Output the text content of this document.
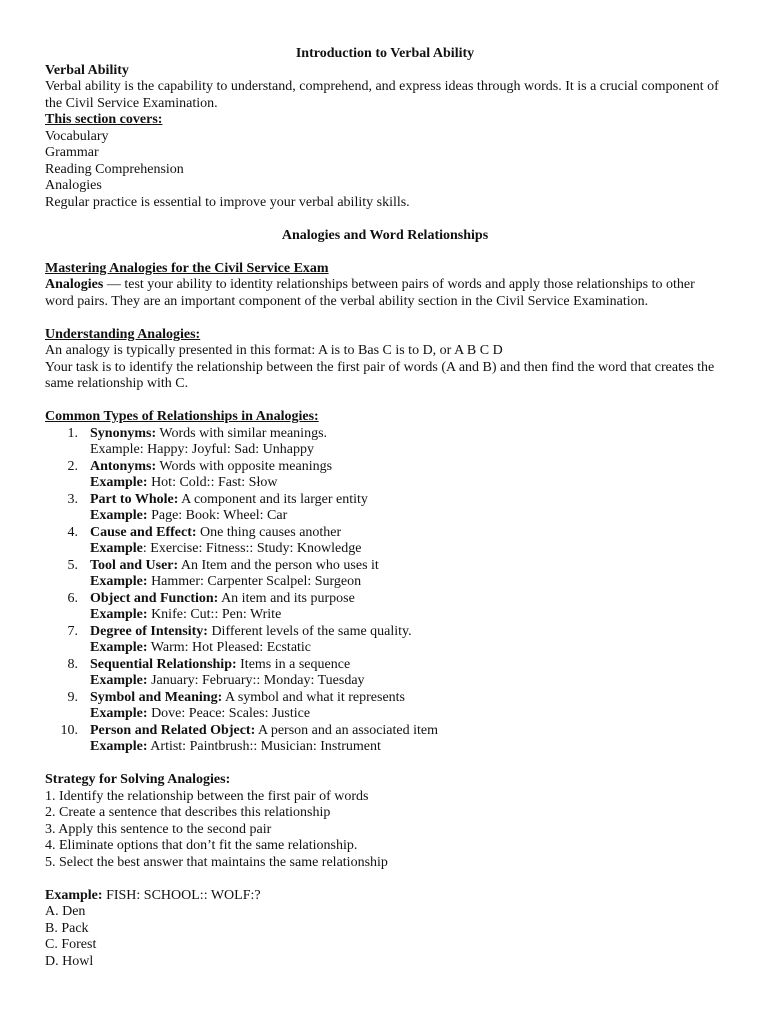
Introduction to Verbal Ability

Verbal Ability

Verbal ability is the capability to understand, comprehend, and express ideas through words. It is a crucial component of the Civil Service Examination.

This section covers:

Vocabulary

Grammar

Reading Comprehension

Analogies

Regular practice is essential to improve your verbal ability skills.

Analogies and Word Relationships

Mastering Analogies for the Civil Service Exam

Analogies — test your ability to identity relationships between pairs of words and apply those relationships to other word pairs. They are an important component of the verbal ability section in the Civil Service Examination.

Understanding Analogies:

An analogy is typically presented in this format: A is to Bas C is to D, or A B C D

Your task is to identify the relationship between the first pair of words (A and B) and then find the word that creates the same relationship with C.

Common Types of Relationships in Analogies:

1. Synonyms: Words with similar meanings.
Example: Happy: Joyful: Sad: Unhappy
2. Antonyms: Words with opposite meanings
Example: Hot: Cold:: Fast: Słow
3. Part to Whole: A component and its larger entity
Example: Page: Book: Wheel: Car
4. Cause and Effect: One thing causes another
Example: Exercise: Fitness:: Study: Knowledge
5. Tool and User: An Item and the person who uses it
Example: Hammer: Carpenter Scalpel: Surgeon
6. Object and Function: An item and its purpose
Example: Knife: Cut:: Pen: Write
7. Degree of Intensity: Different levels of the same quality.
Example: Warm: Hot Pleased: Ecstatic
8. Sequential Relationship: Items in a sequence
Example: January: February:: Monday: Tuesday
9. Symbol and Meaning: A symbol and what it represents
Example: Dove: Peace: Scales: Justice
10. Person and Related Object: A person and an associated item
Example: Artist: Paintbrush:: Musician: Instrument

Strategy for Solving Analogies:

1. Identify the relationship between the first pair of words

2. Create a sentence that describes this relationship

3. Apply this sentence to the second pair

4. Eliminate options that don’t fit the same relationship.

5. Select the best answer that maintains the same relationship

Example: FISH: SCHOOL:: WOLF:?

A. Den

B. Pack

C. Forest

D. Howl
